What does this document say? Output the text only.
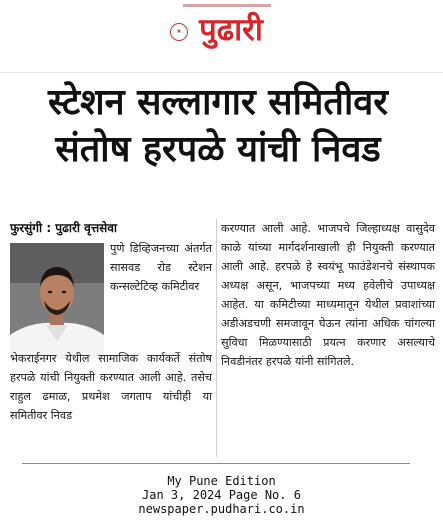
★ पुढारी
स्टेशन सल्लागार समितीवर
संतोष हरपळे यांची निवड
फुरसुंगी : पुढारी वृत्तसेवा

पुणे डिव्हिजनच्या अंतर्गत सासवड रोड स्टेशन कन्सल्टेटिव्ह कमिटीवर

भेकराईनगर येथील सामाजिक कार्यकर्ते संतोष हरपळे यांची नियुक्ती करण्यात आली आहे. तसेच राहुल ढमाळ, प्रथमेश जगताप यांचीही या समितीवर निवड

करण्यात आली आहे. भाजपचे जिल्हाध्यक्ष वासुदेव काळे यांच्या मार्गदर्शनाखाली ही नियुक्ती करण्यात आली आहे. हरपळे हे स्वयंभू फाउंडेशनचे संस्थापक अध्यक्ष असून, भाजपच्या मध्य हवेलीचे उपाध्यक्ष आहेत. या कमिटीच्या माध्यमातून येथील प्रवाशांच्या अडीअडचणी समजावून घेऊन त्यांना अधिक चांगल्या सुविधा मिळण्यासाठी प्रयत्न करणार असल्याचे निवडीनंतर हरपळे यांनी सांगितले.

My Pune Edition
Jan 3, 2024 Page No. 6
newspaper.pudhari.co.in
